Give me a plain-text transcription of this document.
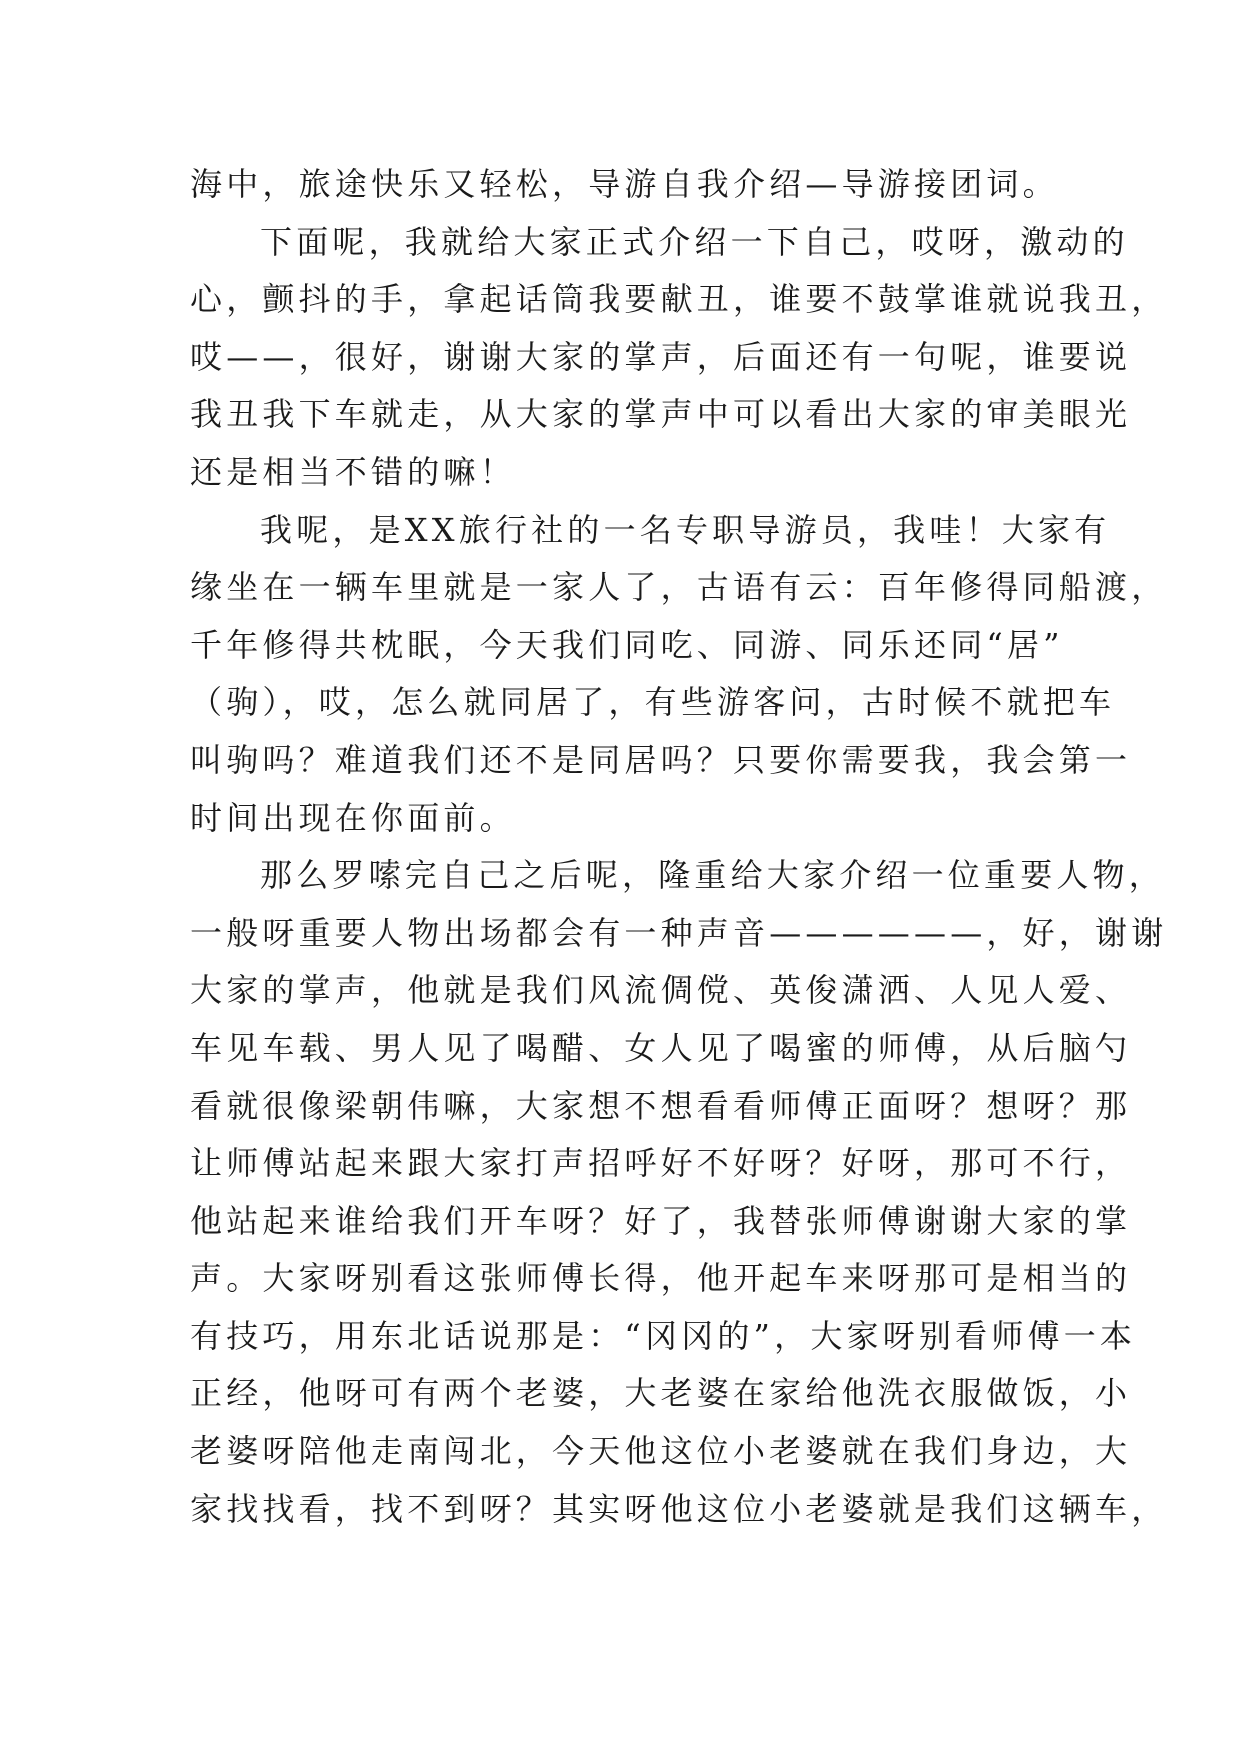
海中，旅途快乐又轻松，导游自我介绍—导游接团词。
下面呢，我就给大家正式介绍一下自己，哎呀，激动的
心，颤抖的手，拿起话筒我要献丑，谁要不鼓掌谁就说我丑，
哎——，很好，谢谢大家的掌声，后面还有一句呢，谁要说
我丑我下车就走，从大家的掌声中可以看出大家的审美眼光
还是相当不错的嘛！
我呢，是XX旅行社的一名专职导游员，我哇！大家有
缘坐在一辆车里就是一家人了，古语有云：百年修得同船渡，
千年修得共枕眠，今天我们同吃、同游、同乐还同“居”
（驹），哎，怎么就同居了，有些游客问，古时候不就把车
叫驹吗？难道我们还不是同居吗？只要你需要我，我会第一
时间出现在你面前。
那么罗嗦完自己之后呢，隆重给大家介绍一位重要人物，
一般呀重要人物出场都会有一种声音——————，好，谢谢
大家的掌声，他就是我们风流倜傥、英俊潇洒、人见人爱、
车见车载、男人见了喝醋、女人见了喝蜜的师傅，从后脑勺
看就很像梁朝伟嘛，大家想不想看看师傅正面呀？想呀？那
让师傅站起来跟大家打声招呼好不好呀？好呀，那可不行，
他站起来谁给我们开车呀？好了，我替张师傅谢谢大家的掌
声。大家呀别看这张师傅长得，他开起车来呀那可是相当的
有技巧，用东北话说那是：“冈冈的”，大家呀别看师傅一本
正经，他呀可有两个老婆，大老婆在家给他洗衣服做饭，小
老婆呀陪他走南闯北，今天他这位小老婆就在我们身边，大
家找找看，找不到呀？其实呀他这位小老婆就是我们这辆车，
